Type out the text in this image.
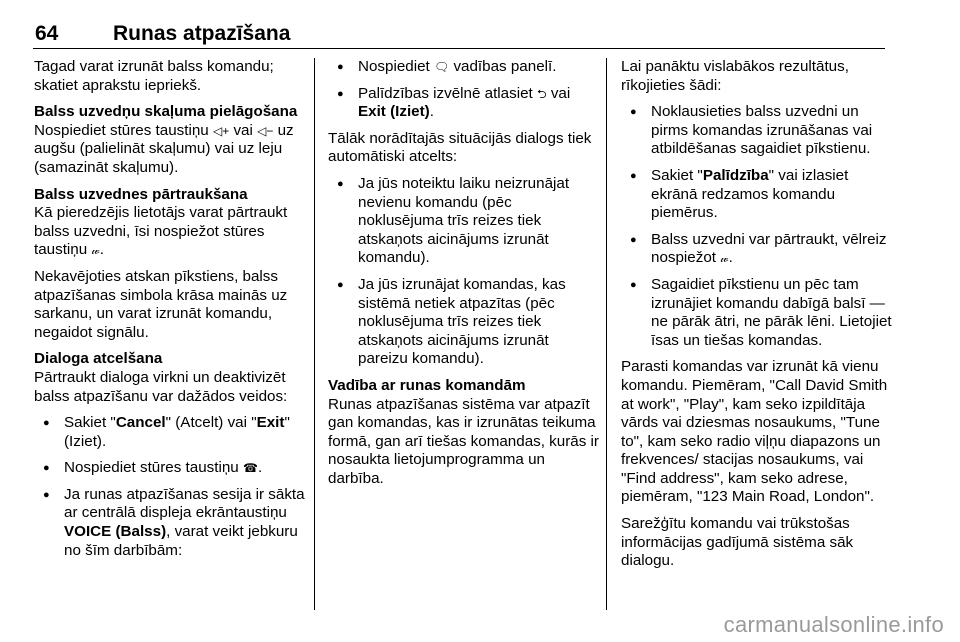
64	Runas atpazīšana

Tagad varat izrunāt balss komandu; skatiet aprakstu iepriekš.

Balss uzvedņu skaļuma pielāgošana

Nospiediet stūres taustiņu ◁+ vai ◁− uz augšu (palielināt skaļumu) vai uz leju (samazināt skaļumu).

Balss uzvednes pārtraukšana

Kā pieredzējis lietotājs varat pārtraukt balss uzvedni, īsi nospiežot stūres taustiņu 𝓌.

Nekavējoties atskan pīkstiens, balss atpazīšanas simbola krāsa mainās uz sarkanu, un varat izrunāt komandu, negaidot signālu.

Dialoga atcelšana

Pārtraukt dialoga virkni un deaktivizēt balss atpazīšanu var dažādos veidos:

● Sakiet "Cancel" (Atcelt) vai "Exit" (Iziet).
● Nospiediet stūres taustiņu ☎.
● Ja runas atpazīšanas sesija ir sākta ar centrālā displeja ekrāntaustiņu VOICE (Balss), varat veikt jebkuru no šīm darbībām:
● Nospiediet 🗨 vadības panelī.
● Palīdzības izvēlnē atlasiet ⮌ vai Exit (Iziet).

Tālāk norādītajās situācijās dialogs tiek automātiski atcelts:

● Ja jūs noteiktu laiku neizrunājat nevienu komandu (pēc noklusējuma trīs reizes tiek atskaņots aicinājums izrunāt komandu).
● Ja jūs izrunājat komandas, kas sistēmā netiek atpazītas (pēc noklusējuma trīs reizes tiek atskaņots aicinājums izrunāt pareizu komandu).
Vadība ar runas komandām

Runas atpazīšanas sistēma var atpazīt gan komandas, kas ir izrunātas teikuma formā, gan arī tiešas komandas, kurās ir nosaukta lietojumprogramma un darbība.

Lai panāktu vislabākos rezultātus, rīkojieties šādi:

● Noklausieties balss uzvedni un pirms komandas izrunāšanas vai atbildēšanas sagaidiet pīkstienu.
● Sakiet "Palīdzība" vai izlasiet ekrānā redzamos komandu piemērus.
● Balss uzvedni var pārtraukt, vēlreiz nospiežot 𝓌.
● Sagaidiet pīkstienu un pēc tam izrunājiet komandu dabīgā balsī — ne pārāk ātri, ne pārāk lēni. Lietojiet īsas un tiešas komandas.

Parasti komandas var izrunāt kā vienu komandu. Piemēram, "Call David Smith at work", "Play", kam seko izpildītāja vārds vai dziesmas nosaukums, "Tune to", kam seko radio viļņu diapazons un frekvences/ stacijas nosaukums, vai "Find address", kam seko adrese, piemēram, "123 Main Road, London".

Sarežģītu komandu vai trūkstošas informācijas gadījumā sistēma sāk dialogu.

carmanualsonline.info
